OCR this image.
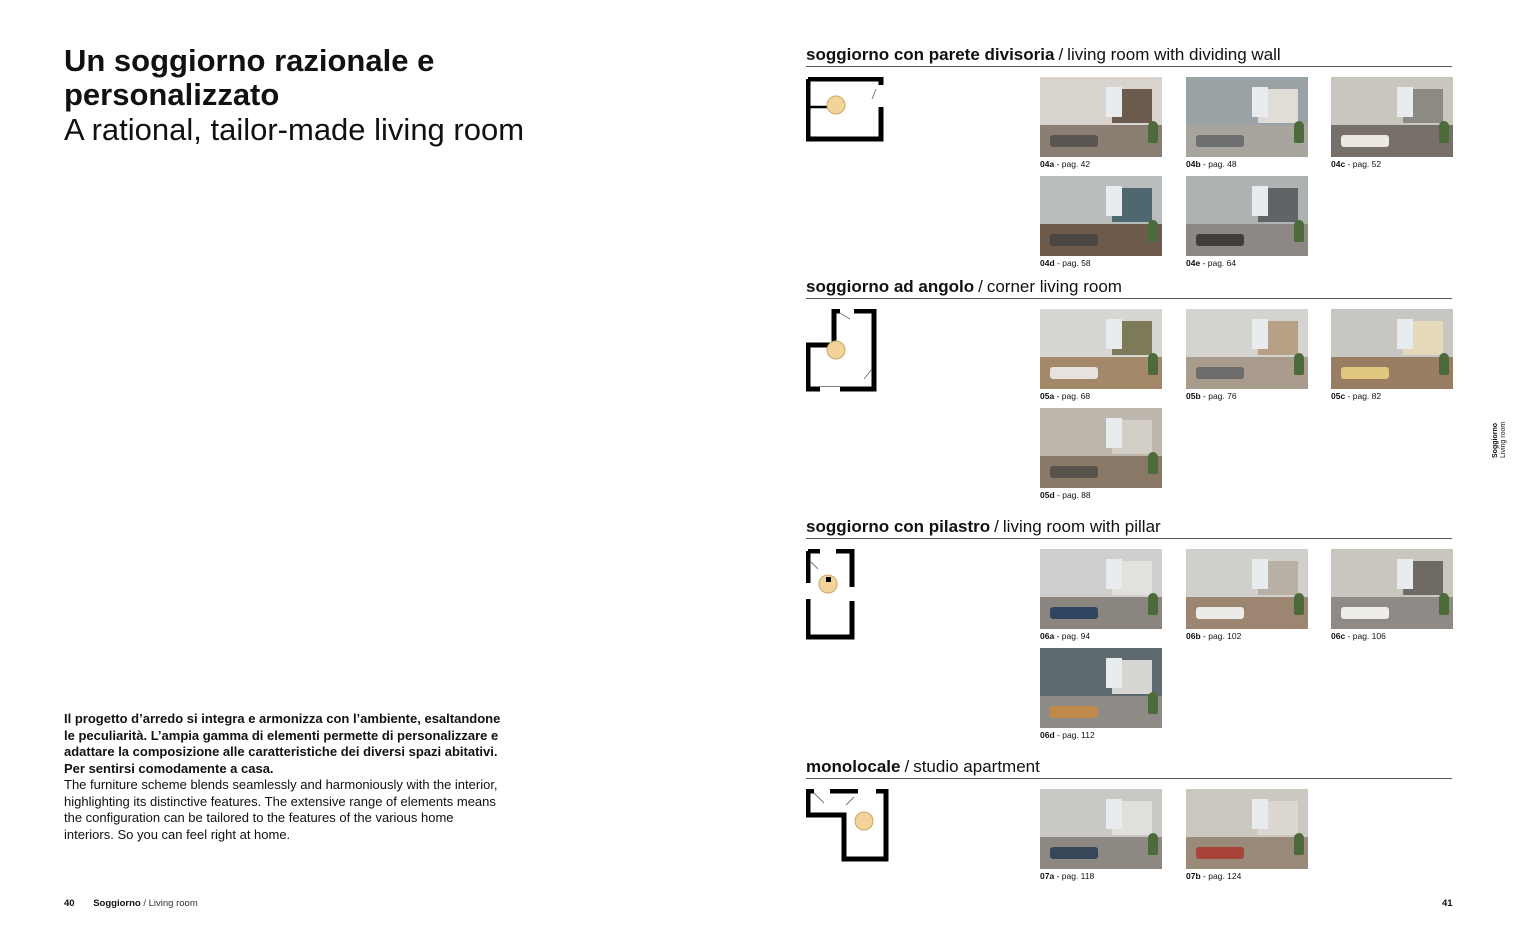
Un soggiorno razionale e personalizzato
A rational, tailor-made living room

Il progetto d’arredo si integra e armonizza con l’ambiente, esaltandone le peculiarità. L’ampia gamma di elementi permette di personalizzare e adattare la composizione alle caratteristiche dei diversi spazi abitativi. Per sentirsi comodamente a casa.

The furniture scheme blends seamlessly and harmoniously with the interior, highlighting its distinctive features. The extensive range of elements means the configuration can be tailored to the features of the various home interiors. So you can feel right at home.

40 Soggiorno / Living room	41
Soggiorno Living room
soggiorno con parete divisoria / living room with dividing wall
04a - pag. 42	04b - pag. 48	04c - pag. 52
04d - pag. 58	04e - pag. 64
soggiorno ad angolo / corner living room
05a - pag. 68	05b - pag. 76	05c - pag. 82
05d - pag. 88
soggiorno con pilastro / living room with pillar
06a - pag. 94	06b - pag. 102	06c - pag. 106
06d - pag. 112
monolocale / studio apartment
07a - pag. 118	07b - pag. 124
